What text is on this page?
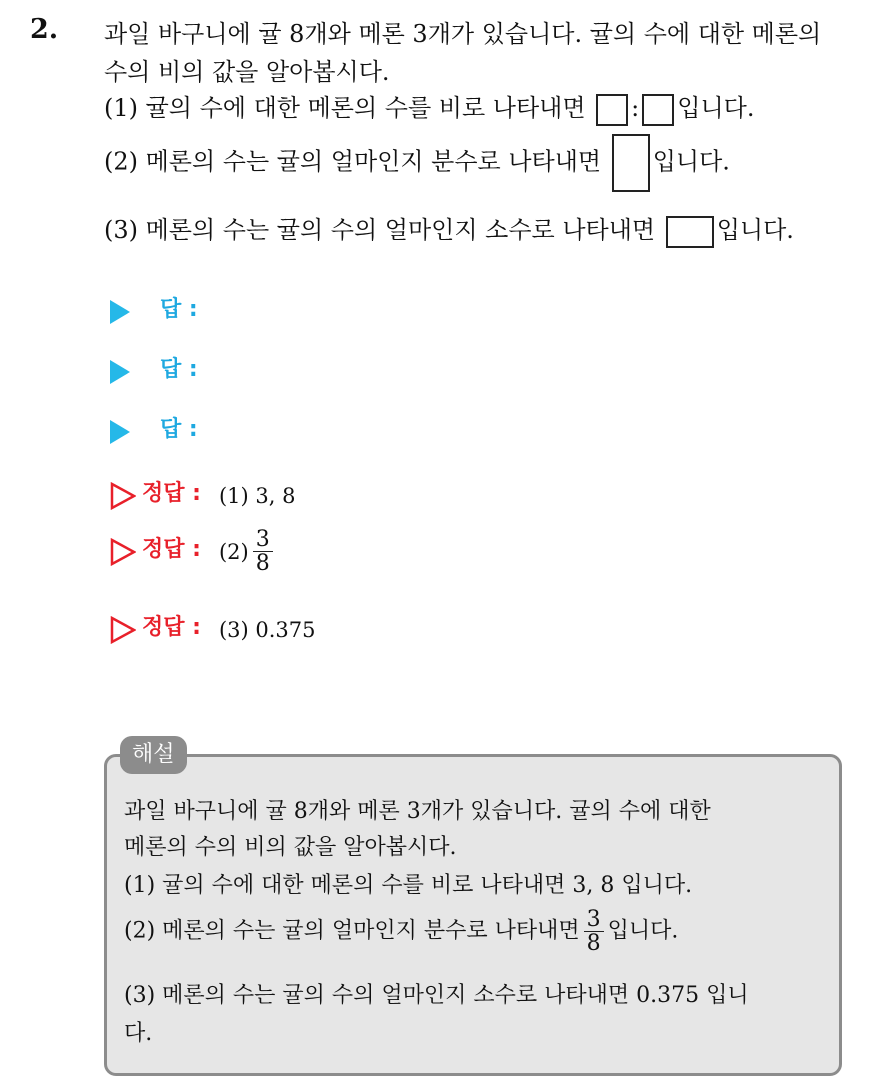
2. 과일 바구니에 귤 8개와 메론 3개가 있습니다. 귤의 수에 대한 메론의
수의 비의 값을 알아봅시다.
(1) 귤의 수에 대한 메론의 수를 비로 나타내면 : 입니다.
(2) 메론의 수는 귤의 얼마인지 분수로 나타내면 입니다.
(3) 메론의 수는 귤의 수의 얼마인지 소수로 나타내면	입니다.
답 :
답 :
답 :
정답 : (1) 3, 8
정답 : $(2) \frac{3}{8}$
정답 : (3) 0.375
해설
과일 바구니에 귤 8개와 메론 3개가 있습니다. 귤의 수에 대한
메론의 수의 비의 값을 알아봅시다.
(1) 귤의 수에 대한 메론의 수를 비로 나타내면 3, 8 입니다.
(2) 메론의 수는 귤의 얼마인지 분수로 나타내면 $\frac{3}{8}$ 입니다.
(3) 메론의 수는 귤의 수의 얼마인지 소수로 나타내면 0.375 입니
다.
